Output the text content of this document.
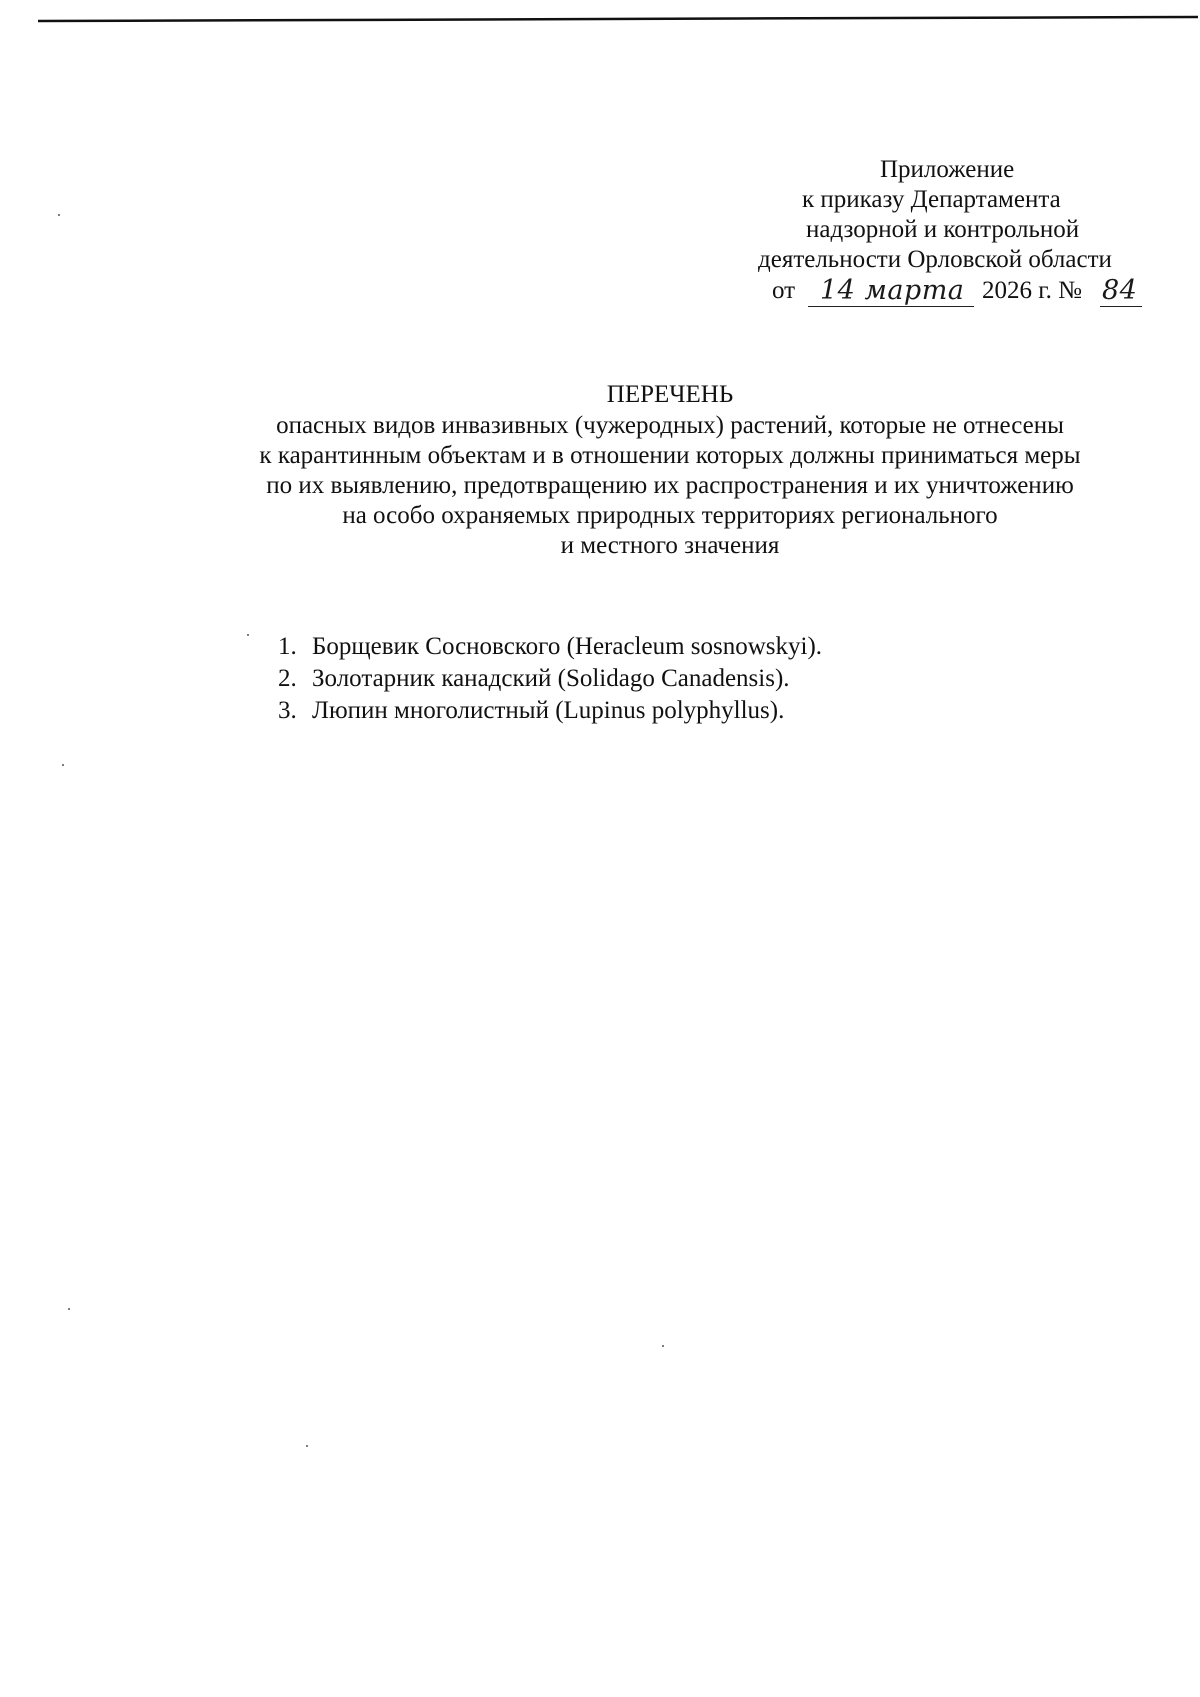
Приложение
к приказу Департамента
надзорной и контрольной
деятельности Орловской области
от 14 марта 2026 г. № 84
ПЕРЕЧЕНЬ
опасных видов инвазивных (чужеродных) растений, которые не отнесены
к карантинным объектам и в отношении которых должны приниматься меры
по их выявлению, предотвращению их распространения и их уничтожению
на особо охраняемых природных территориях регионального
и местного значения
1. Борщевик Сосновского (Heracleum sosnowskyi).
2. Золотарник канадский (Solidago Canadensis).
3. Люпин многолистный (Lupinus polyphyllus).
